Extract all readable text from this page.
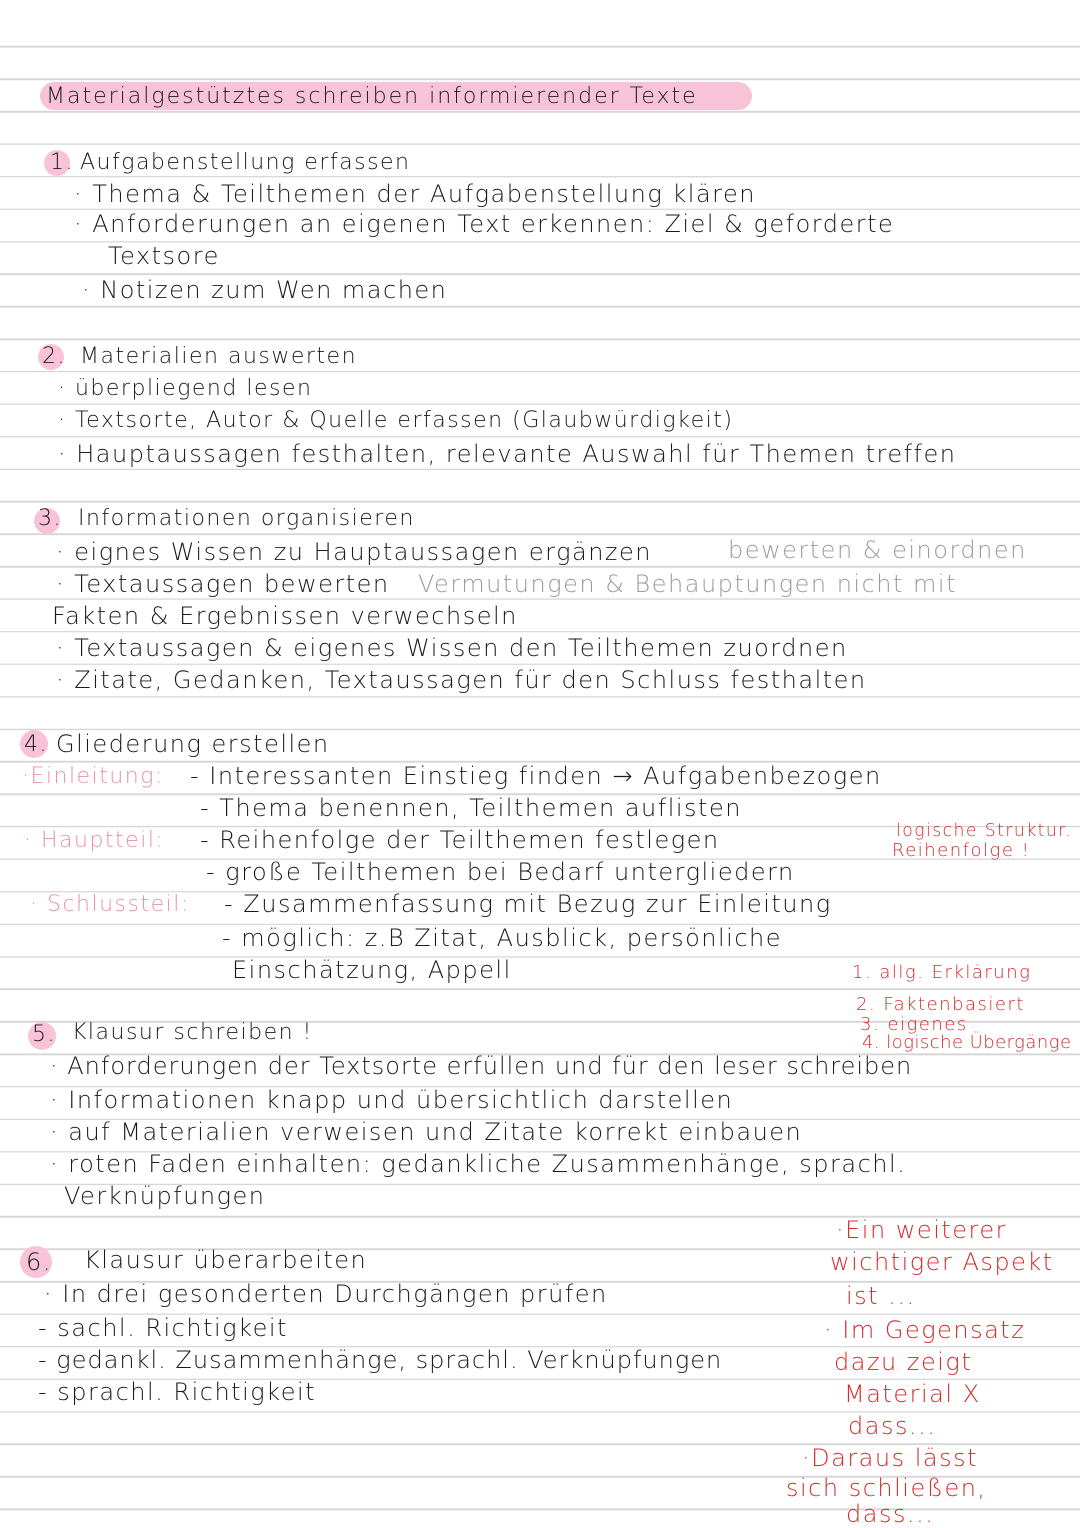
Materialgestütztes schreiben informierender Texte
1. Aufgabenstellung erfassen
· Thema & Teilthemen der Aufgabenstellung klären
· Anforderungen an eigenen Text erkennen: Ziel & geforderte
Textsore
· Notizen zum Wen machen
2. Materialien auswerten
· überpliegend lesen
· Textsorte, Autor & Quelle erfassen (Glaubwürdigkeit)
· Hauptaussagen festhalten, relevante Auswahl für Themen treffen
3. Informationen organisieren
· eignes Wissen zu Hauptaussagen ergänzen	bewerten & einordnen
· Textaussagen bewerten Vermutungen & Behauptungen nicht mit
Fakten & Ergebnissen verwechseln
· Textaussagen & eigenes Wissen den Teilthemen zuordnen
· Zitate, Gedanken, Textaussagen für den Schluss festhalten
4. Gliederung erstellen
·Einleitung: - Interessanten Einstieg finden → Aufgabenbezogen
- Thema benennen, Teilthemen auflisten
· Hauptteil: - Reihenfolge der Teilthemen festlegen
- große Teilthemen bei Bedarf untergliedern
logische Struktur.
Reihenfolge !
· Schlussteil: - Zusammenfassung mit Bezug zur Einleitung
- möglich: z.B Zitat, Ausblick, persönliche
Einschätzung, Appell
5. Klausur schreiben !
1. allg. Erklärung
2. Faktenbasiert
3. eigenes
4. logische Übergänge
· Anforderungen der Textsorte erfüllen und für den leser schreiben
· Informationen knapp und übersichtlich darstellen
· auf Materialien verweisen und Zitate korrekt einbauen
· roten Faden einhalten: gedankliche Zusammenhänge, sprachl.
Verknüpfungen
6. Klausur überarbeiten
· In drei gesonderten Durchgängen prüfen
- sachl. Richtigkeit
- gedankl. Zusammenhänge, sprachl. Verknüpfungen
- sprachl. Richtigkeit
·Ein weiterer
wichtiger Aspekt
ist ...
· Im Gegensatz
dazu zeigt
Material X
dass...
·Daraus lässt
sich schließen,
dass...
